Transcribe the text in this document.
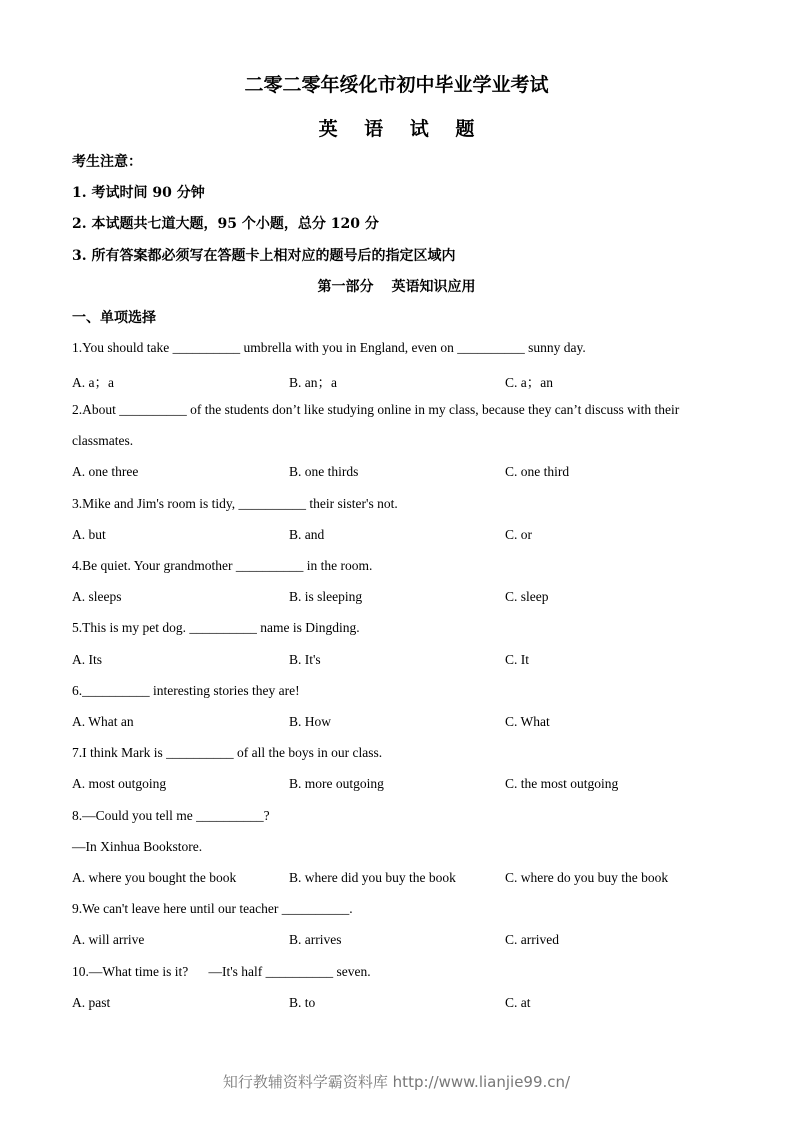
二零二零年绥化市初中毕业学业考试
英 语 试 题
考生注意：
1. 考试时间 90 分钟
2. 本试题共七道大题，95 个小题，总分 120 分
3. 所有答案都必须写在答题卡上相对应的题号后的指定区域内
第一部分 英语知识应用
一、单项选择
1.You should take __________ umbrella with you in England, even on __________ sunny day.
A. a；a	B. an；a	C. a；an
2.About __________ of the students don’t like studying online in my class, because they can’t discuss with their
classmates.
A. one three	B. one thirds	C. one third
3.Mike and Jim's room is tidy, __________ their sister's not.
A. but	B. and	C. or
4.Be quiet. Your grandmother __________ in the room.
A. sleeps	B. is sleeping	C. sleep
5.This is my pet dog. __________ name is Dingding.
A. Its	B. It's	C. It
6.__________ interesting stories they are!
A. What an	B. How	C. What
7.I think Mark is __________ of all the boys in our class.
A. most outgoing	B. more outgoing	C. the most outgoing
8.—Could you tell me __________?
—In Xinhua Bookstore.
A. where you bought the book	B. where did you buy the book	C. where do you buy the book
9.We can't leave here until our teacher __________.
A. will arrive	B. arrives	C. arrived
10.—What time is it?      —It's half __________ seven.
A. past	B. to	C. at
知行教辅资料学霸资料库 http://www.lianjie99.cn/
